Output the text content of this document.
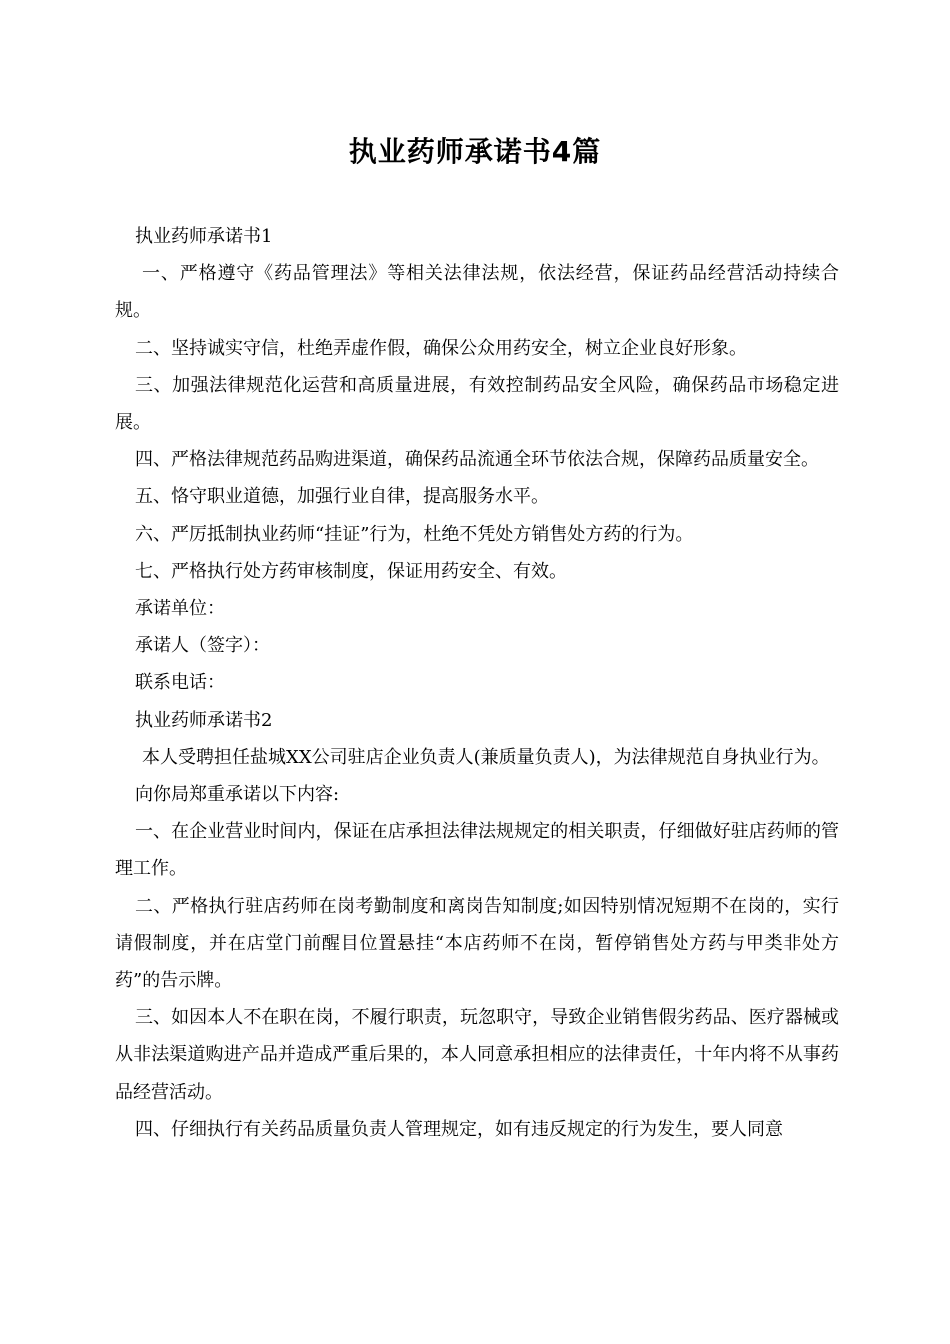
执业药师承诺书4篇

执业药师承诺书1

一、严格遵守《药品管理法》等相关法律法规，依法经营，保证药品经营活动持续合规。

二、坚持诚实守信，杜绝弄虚作假，确保公众用药安全，树立企业良好形象。

三、加强法律规范化运营和高质量进展，有效控制药品安全风险，确保药品市场稳定进展。

四、严格法律规范药品购进渠道，确保药品流通全环节依法合规，保障药品质量安全。

五、恪守职业道德，加强行业自律，提高服务水平。

六、严厉抵制执业药师“挂证”行为，杜绝不凭处方销售处方药的行为。

七、严格执行处方药审核制度，保证用药安全、有效。

承诺单位：

承诺人（签字）：

联系电话：

执业药师承诺书2

本人受聘担任盐城XX公司驻店企业负责人(兼质量负责人)，为法律规范自身执业行为。

向你局郑重承诺以下内容:

一、在企业营业时间内，保证在店承担法律法规规定的相关职责，仔细做好驻店药师的管理工作。

二、严格执行驻店药师在岗考勤制度和离岗告知制度;如因特别情况短期不在岗的，实行请假制度，并在店堂门前醒目位置悬挂“本店药师不在岗，暂停销售处方药与甲类非处方药”的告示牌。

三、如因本人不在职在岗，不履行职责，玩忽职守，导致企业销售假劣药品、医疗器械或从非法渠道购进产品并造成严重后果的，本人同意承担相应的法律责任，十年内将不从事药品经营活动。

四、仔细执行有关药品质量负责人管理规定，如有违反规定的行为发生，要人同意
